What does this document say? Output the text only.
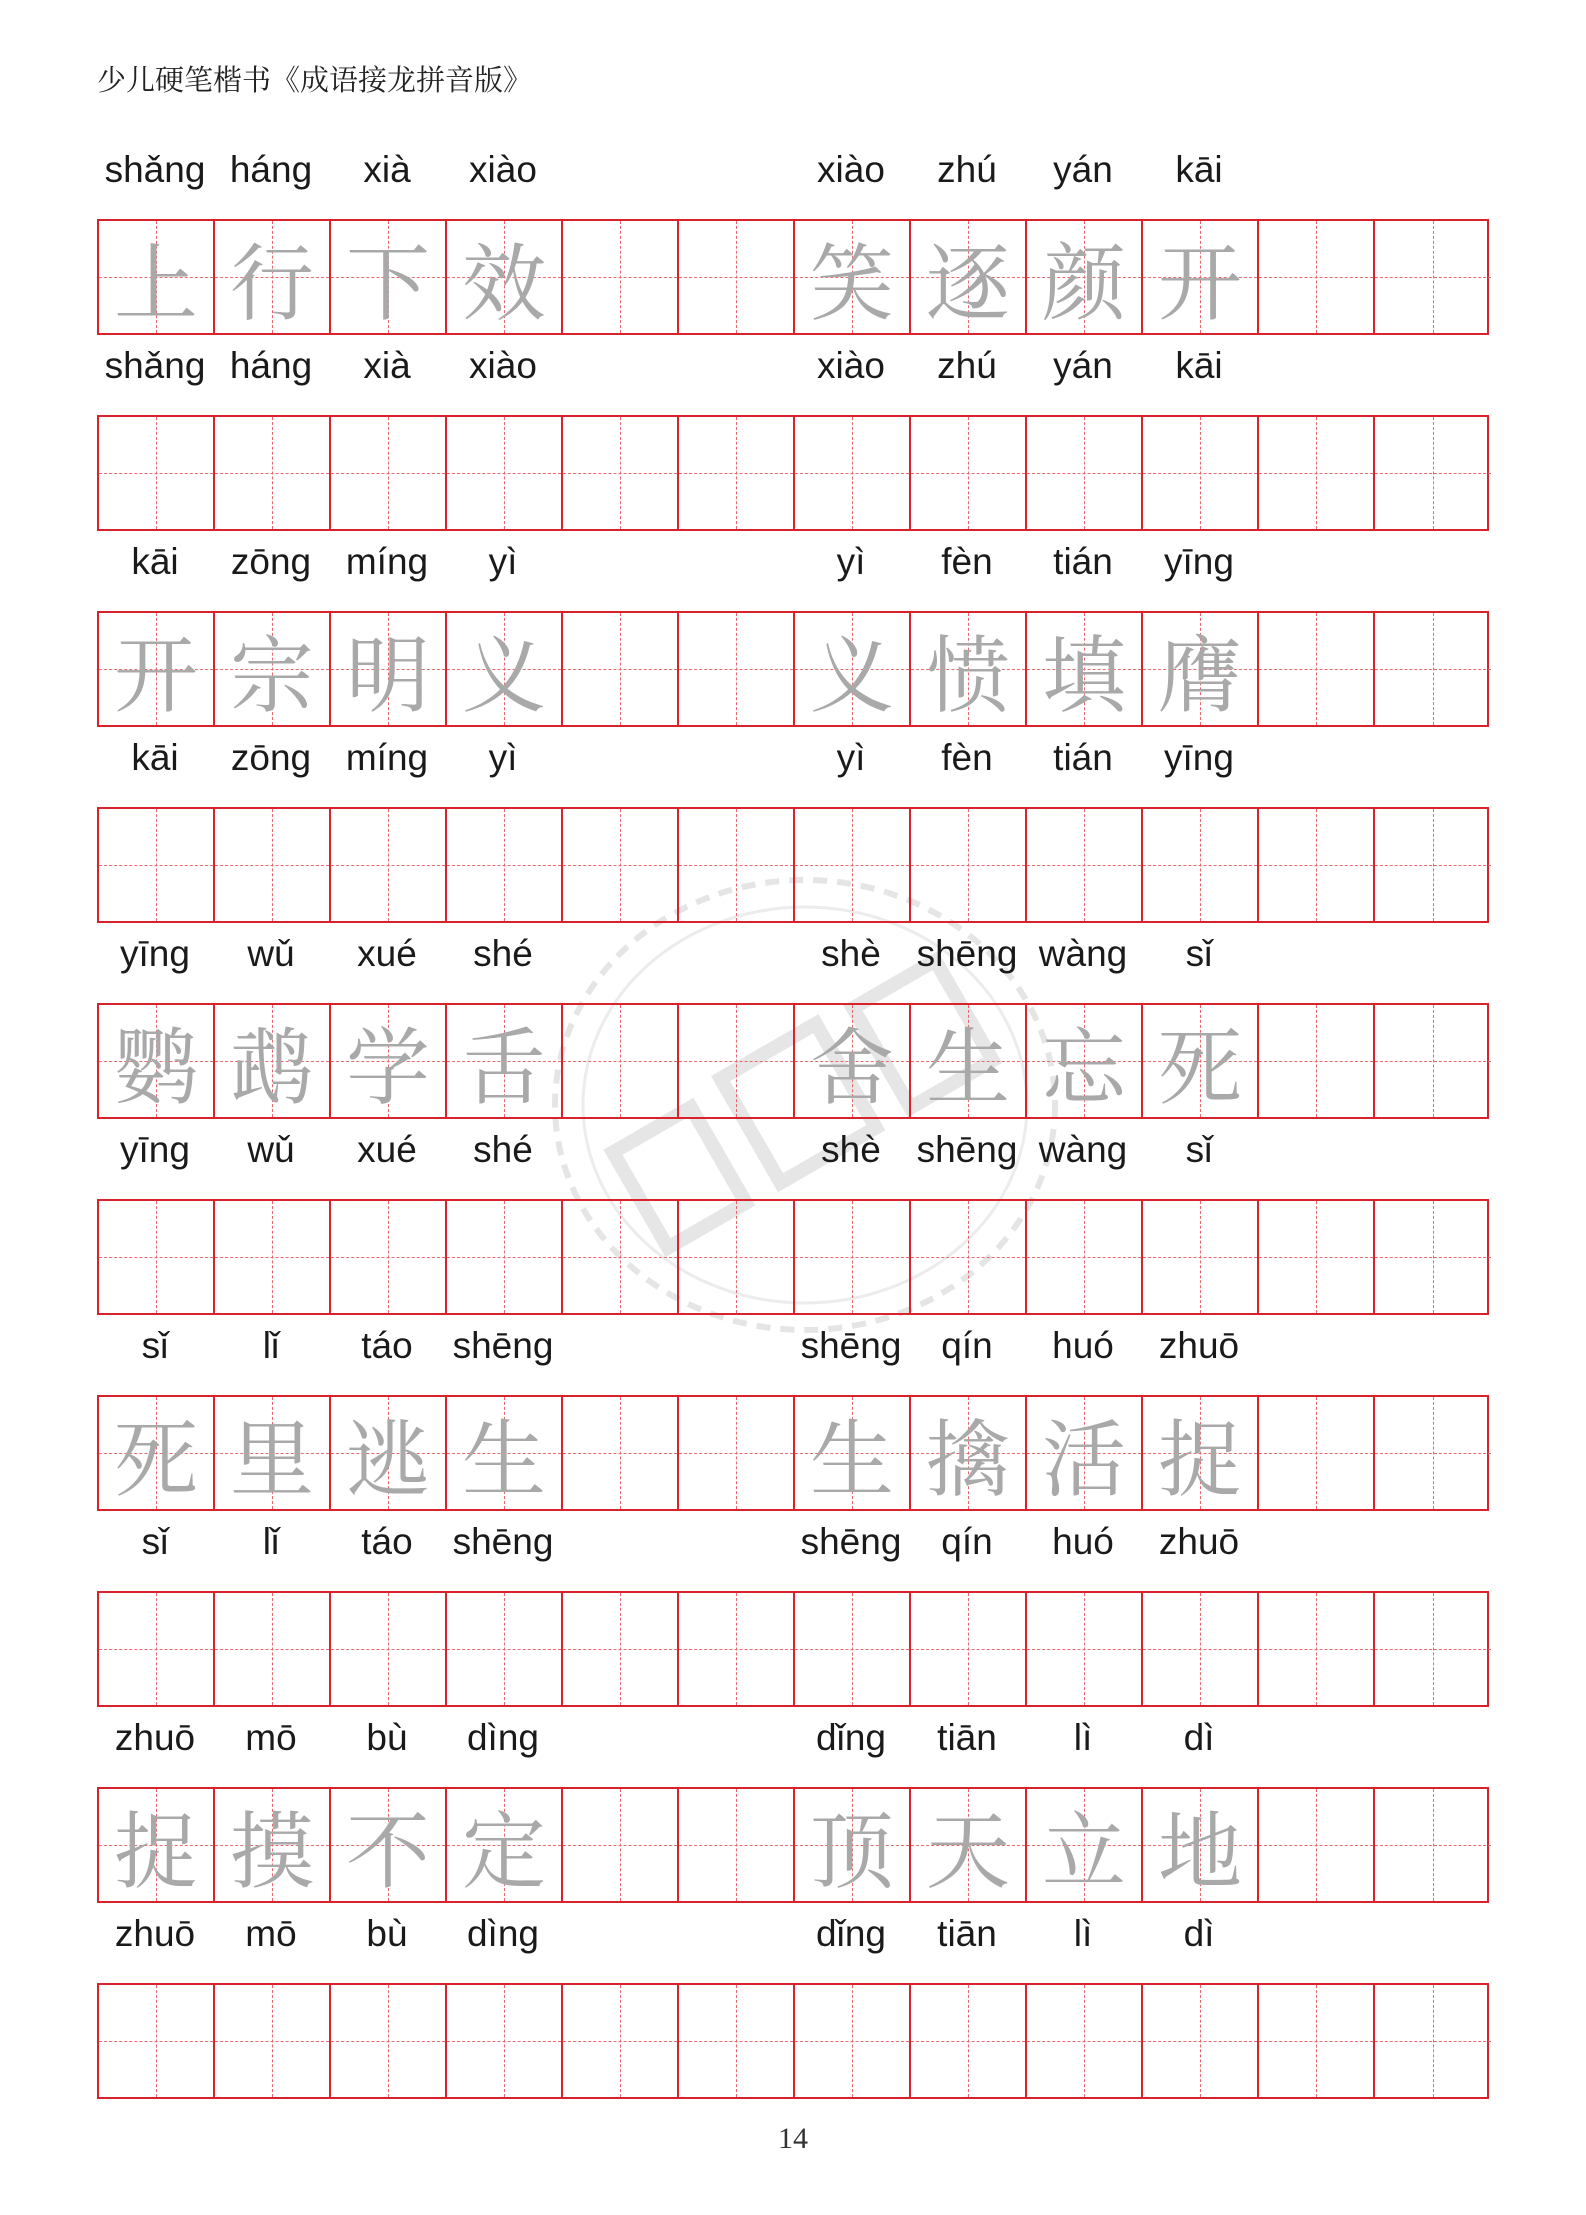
少儿硬笔楷书《成语接龙拼音版》
shǎng háng	xià	xiào	xiào	zhú	yán	kāi
上 行 下 效	笑 逐 颜 开
shǎng háng	xià	xiào	xiào	zhú	yán	kāi
kāi	zōng míng	yì	yì	fèn	tián	yīng
开 宗 明 义	义 愤 填 膺
kāi	zōng míng	yì	yì	fèn	tián	yīng
yīng	wǔ	xué	shé	shè shēng wàng	sǐ
鹦 鹉 学 舌	舍 生 忘 死
yīng	wǔ	xué	shé	shè shēng wàng	sǐ
sǐ	lǐ	táo	shēng	shēng	qín	huó	zhuō
死 里 逃 生	生 擒 活 捉
sǐ	lǐ	táo	shēng	shēng	qín	huó	zhuō
zhuō	mō	bù	dìng	dǐng	tiān	lì	dì
捉 摸 不 定	顶 天 立 地
zhuō	mō	bù	dìng	dǐng	tiān	lì	dì
14
